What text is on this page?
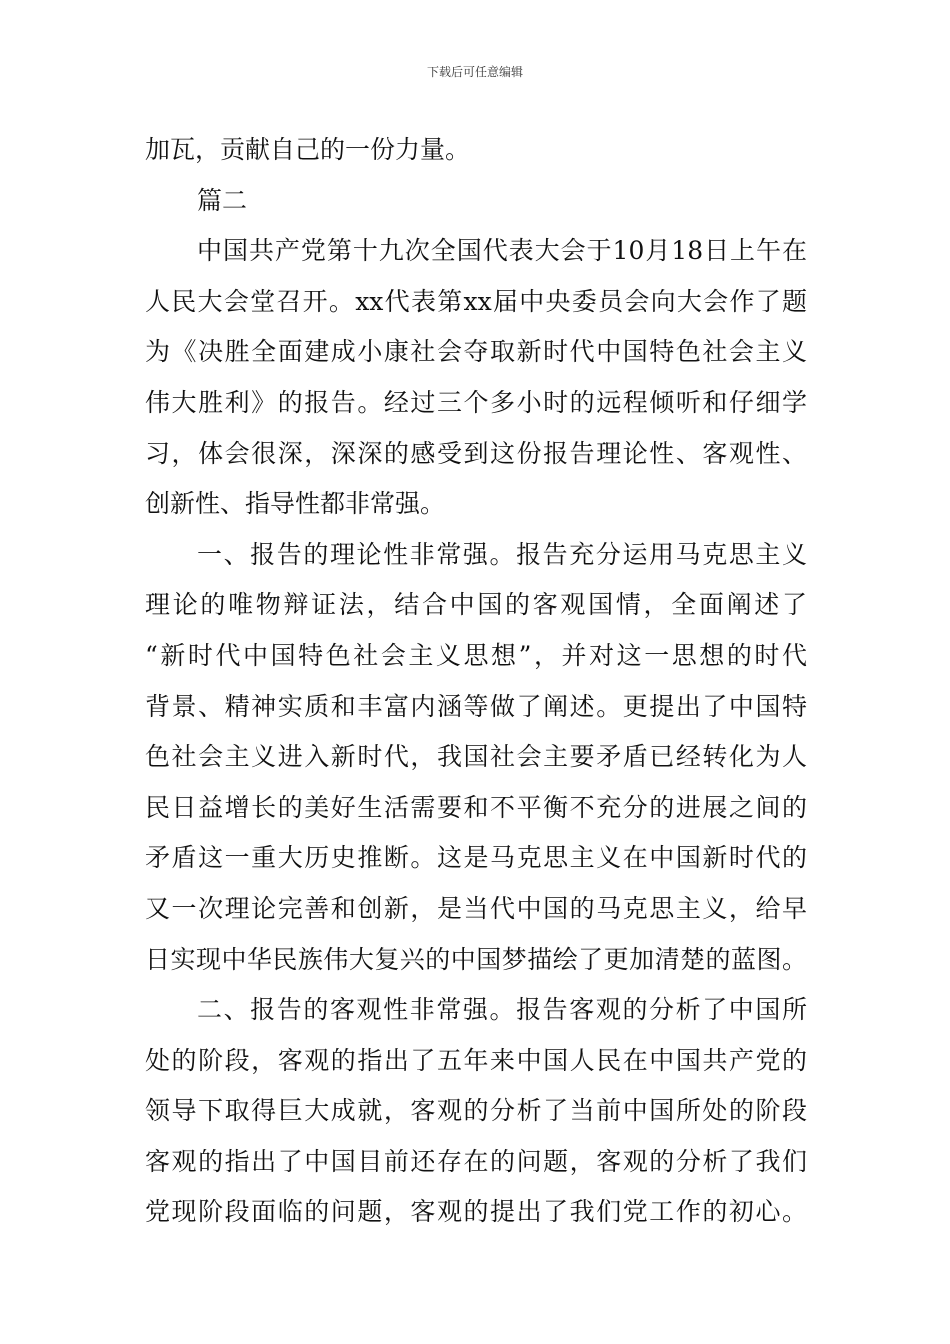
下载后可任意编辑
加瓦，贡献自己的一份力量。
篇二
中国共产党第十九次全国代表大会于10月18日上午在
人民大会堂召开。xx代表第xx届中央委员会向大会作了题
为《决胜全面建成小康社会夺取新时代中国特色社会主义
伟大胜利》的报告。经过三个多小时的远程倾听和仔细学
习，体会很深，深深的感受到这份报告理论性、客观性、
创新性、指导性都非常强。
一、报告的理论性非常强。报告充分运用马克思主义
理论的唯物辩证法，结合中国的客观国情，全面阐述了
“新时代中国特色社会主义思想”，并对这一思想的时代
背景、精神实质和丰富内涵等做了阐述。更提出了中国特
色社会主义进入新时代，我国社会主要矛盾已经转化为人
民日益增长的美好生活需要和不平衡不充分的进展之间的
矛盾这一重大历史推断。这是马克思主义在中国新时代的
又一次理论完善和创新，是当代中国的马克思主义，给早
日实现中华民族伟大复兴的中国梦描绘了更加清楚的蓝图。
二、报告的客观性非常强。报告客观的分析了中国所
处的阶段，客观的指出了五年来中国人民在中国共产党的
领导下取得巨大成就，客观的分析了当前中国所处的阶段
客观的指出了中国目前还存在的问题，客观的分析了我们
党现阶段面临的问题，客观的提出了我们党工作的初心。
